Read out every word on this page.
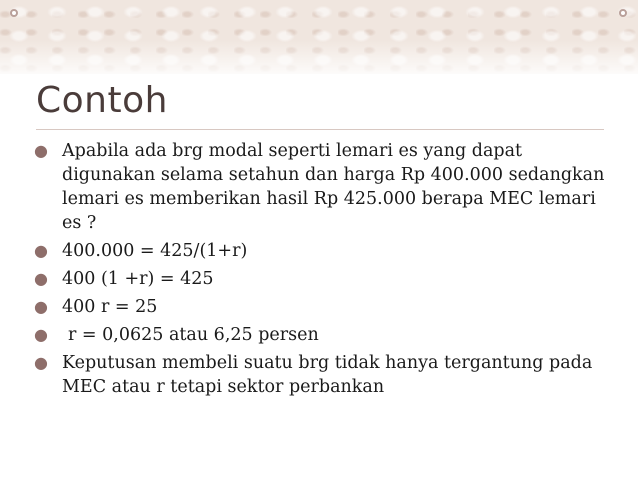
Contoh
● Apabila ada brg modal seperti lemari es yang dapat digunakan selama setahun dan harga Rp 400.000 sedangkan lemari es memberikan hasil Rp 425.000 berapa MEC lemari es ?
● 400.000 = 425/(1+r)
● 400 (1 +r) = 425
● 400 r = 25
●	r = 0,0625 atau 6,25 persen
● Keputusan membeli suatu brg tidak hanya tergantung pada MEC atau r tetapi sektor perbankan
